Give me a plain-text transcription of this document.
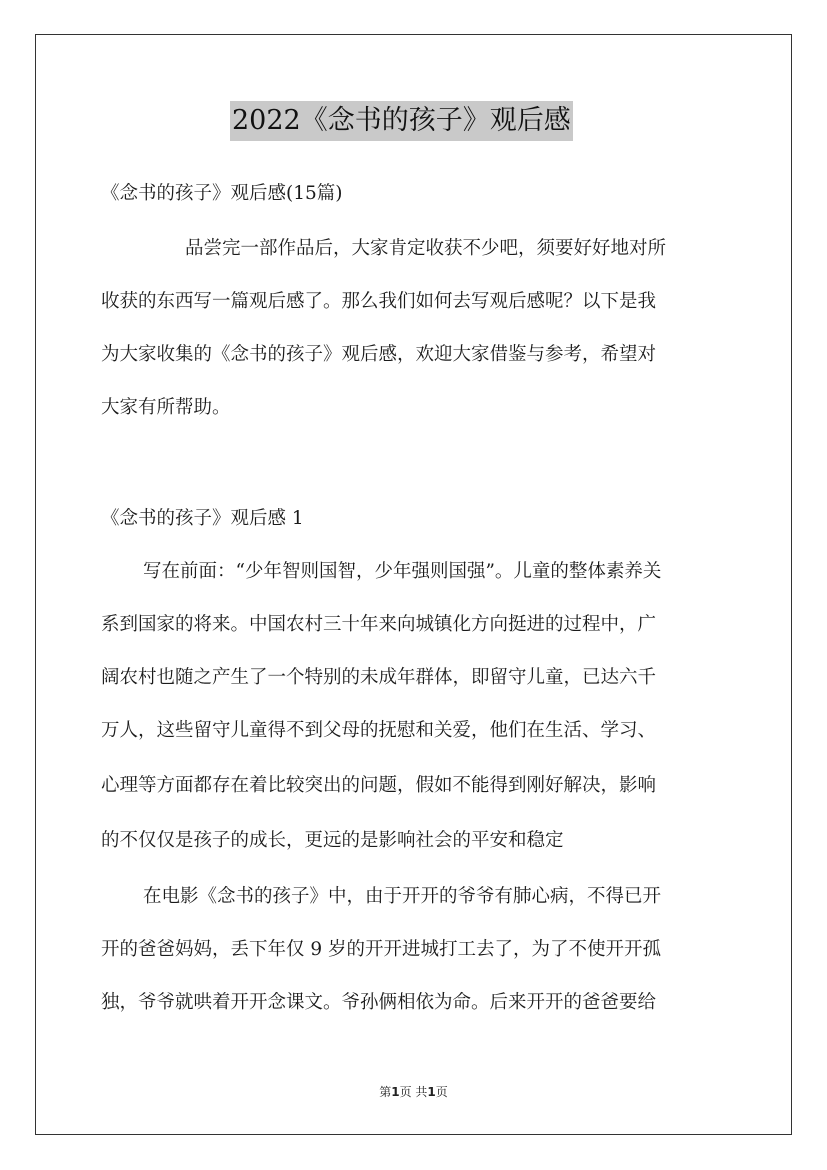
2022《念书的孩子》观后感
《念书的孩子》观后感(15篇)
品尝完一部作品后，大家肯定收获不少吧，须要好好地对所
收获的东西写一篇观后感了。那么我们如何去写观后感呢？以下是我
为大家收集的《念书的孩子》观后感，欢迎大家借鉴与参考，希望对
大家有所帮助。
《念书的孩子》观后感 1
写在前面：“少年智则国智，少年强则国强”。儿童的整体素养关
系到国家的将来。中国农村三十年来向城镇化方向挺进的过程中，广
阔农村也随之产生了一个特别的未成年群体，即留守儿童，已达六千
万人，这些留守儿童得不到父母的抚慰和关爱，他们在生活、学习、
心理等方面都存在着比较突出的问题，假如不能得到刚好解决，影响
的不仅仅是孩子的成长，更远的是影响社会的平安和稳定
在电影《念书的孩子》中，由于开开的爷爷有肺心病，不得已开
开的爸爸妈妈，丢下年仅 9 岁的开开进城打工去了，为了不使开开孤
独，爷爷就哄着开开念课文。爷孙俩相依为命。后来开开的爸爸要给
第1页 共1页
